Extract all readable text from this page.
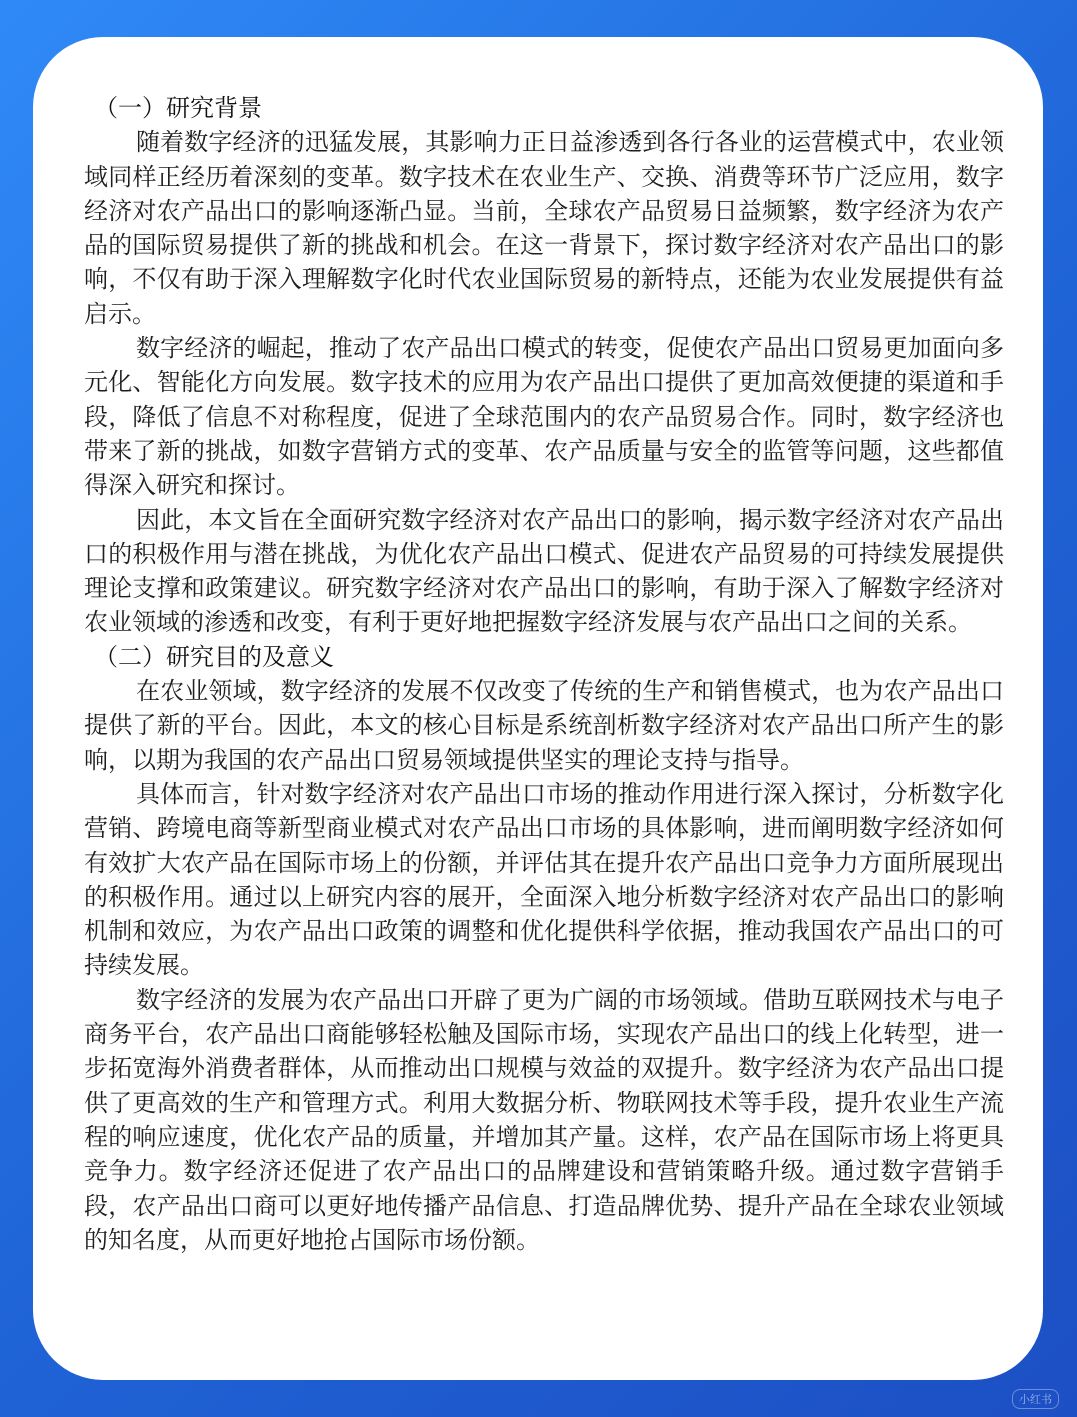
（一）研究背景

随着数字经济的迅猛发展，其影响力正日益渗透到各行各业的运营模式中，农业领域同样正经历着深刻的变革。数字技术在农业生产、交换、消费等环节广泛应用，数字经济对农产品出口的影响逐渐凸显。当前，全球农产品贸易日益频繁，数字经济为农产品的国际贸易提供了新的挑战和机会。在这一背景下，探讨数字经济对农产品出口的影响，不仅有助于深入理解数字化时代农业国际贸易的新特点，还能为农业发展提供有益启示。

数字经济的崛起，推动了农产品出口模式的转变，促使农产品出口贸易更加面向多元化、智能化方向发展。数字技术的应用为农产品出口提供了更加高效便捷的渠道和手段，降低了信息不对称程度，促进了全球范围内的农产品贸易合作。同时，数字经济也带来了新的挑战，如数字营销方式的变革、农产品质量与安全的监管等问题，这些都值得深入研究和探讨。

因此，本文旨在全面研究数字经济对农产品出口的影响，揭示数字经济对农产品出口的积极作用与潜在挑战，为优化农产品出口模式、促进农产品贸易的可持续发展提供理论支撑和政策建议。研究数字经济对农产品出口的影响，有助于深入了解数字经济对农业领域的渗透和改变，有利于更好地把握数字经济发展与农产品出口之间的关系。

（二）研究目的及意义

在农业领域，数字经济的发展不仅改变了传统的生产和销售模式，也为农产品出口提供了新的平台。因此，本文的核心目标是系统剖析数字经济对农产品出口所产生的影响，以期为我国的农产品出口贸易领域提供坚实的理论支持与指导。

具体而言，针对数字经济对农产品出口市场的推动作用进行深入探讨，分析数字化营销、跨境电商等新型商业模式对农产品出口市场的具体影响，进而阐明数字经济如何有效扩大农产品在国际市场上的份额，并评估其在提升农产品出口竞争力方面所展现出的积极作用。通过以上研究内容的展开，全面深入地分析数字经济对农产品出口的影响机制和效应，为农产品出口政策的调整和优化提供科学依据，推动我国农产品出口的可持续发展。

数字经济的发展为农产品出口开辟了更为广阔的市场领域。借助互联网技术与电子商务平台，农产品出口商能够轻松触及国际市场，实现农产品出口的线上化转型，进一步拓宽海外消费者群体，从而推动出口规模与效益的双提升。数字经济为农产品出口提供了更高效的生产和管理方式。利用大数据分析、物联网技术等手段，提升农业生产流程的响应速度，优化农产品的质量，并增加其产量。这样，农产品在国际市场上将更具竞争力。数字经济还促进了农产品出口的品牌建设和营销策略升级。通过数字营销手段，农产品出口商可以更好地传播产品信息、打造品牌优势、提升产品在全球农业领域的知名度，从而更好地抢占国际市场份额。

小红书
